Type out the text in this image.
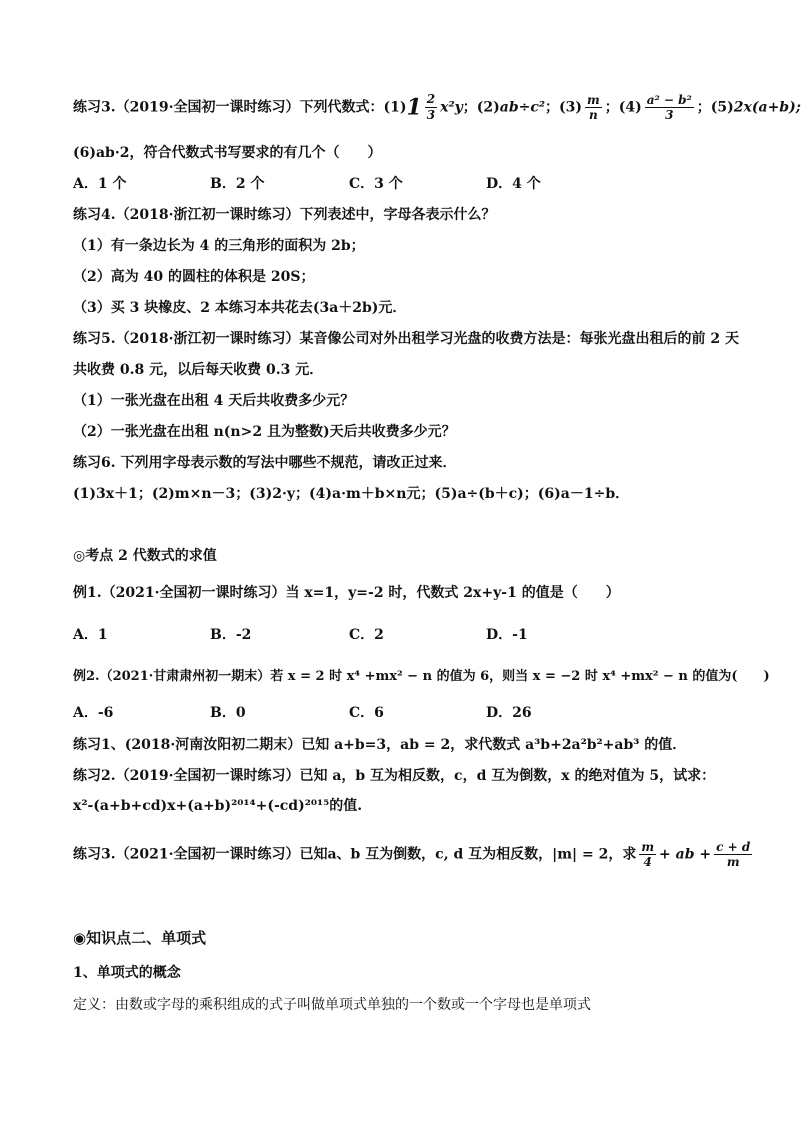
练习3.（2019·全国初一课时练习）下列代数式：$(1)1 \frac{2}{3} x^2y$；(2)ab÷c²；$(3) \frac{m}{n}$ ；$(4) \frac{\text{a² − b²}}{3}$ ；(5)2x(a+b);
(6)ab·2，符合代数式书写要求的有几个（　　）
A．1 个	B．2 个	C．3 个	D．4 个
练习4.（2018·浙江初一课时练习）下列表述中，字母各表示什么？
（1）有一条边长为 4 的三角形的面积为 2b；
（2）高为 40 的圆柱的体积是 20S；
（3）买 3 块橡皮、2 本练习本共花去(3a＋2b)元．
练习5.（2018·浙江初一课时练习）某音像公司对外出租学习光盘的收费方法是：每张光盘出租后的前 2 天
共收费 0.8 元，以后每天收费 0.3 元．
（1）一张光盘在出租 4 天后共收费多少元？
（2）一张光盘在出租 n(n>2 且为整数)天后共收费多少元？
练习6. 下列用字母表示数的写法中哪些不规范，请改正过来．
(1)3x＋1；(2)m×n－3；(3)2·y；(4)a·m＋b×n元；(5)a÷(b＋c)；(6)a－1÷b．
◎考点 2 代数式的求值
例1.（2021·全国初一课时练习）当 x=1，y=-2 时，代数式 2x+y-1 的值是（　　）
A．1	B．-2	C．2	D．-1
例2.（2021·甘肃肃州初一期末）若 x = 2 时 x⁴ +mx² − n 的值为 6，则当 x = −2 时 x⁴ +mx² − n 的值为(　　)
A．-6	B．0	C．6	D．26
练习1、(2018·河南汝阳初二期末）已知 a+b=3，ab = 2，求代数式 a³b+2a²b²+ab³ 的值．
练习2.（2019·全国初一课时练习）已知 a，b 互为相反数，c，d 互为倒数，x 的绝对值为 5，试求：
x²-(a+b+cd)x+(a+b)²⁰¹⁴+(-cd)²⁰¹⁵的值.
练习3.（2021·全国初一课时练习）已知a、b 互为倒数，c, d 互为相反数，|m| = 2，求 $\frac{m}{4}$ + ab + $\frac{c + d}{m}$
◉知识点二、单项式
1、单项式的概念
定义：由数或字母的乘积组成的式子叫做单项式单独的一个数或一个字母也是单项式
